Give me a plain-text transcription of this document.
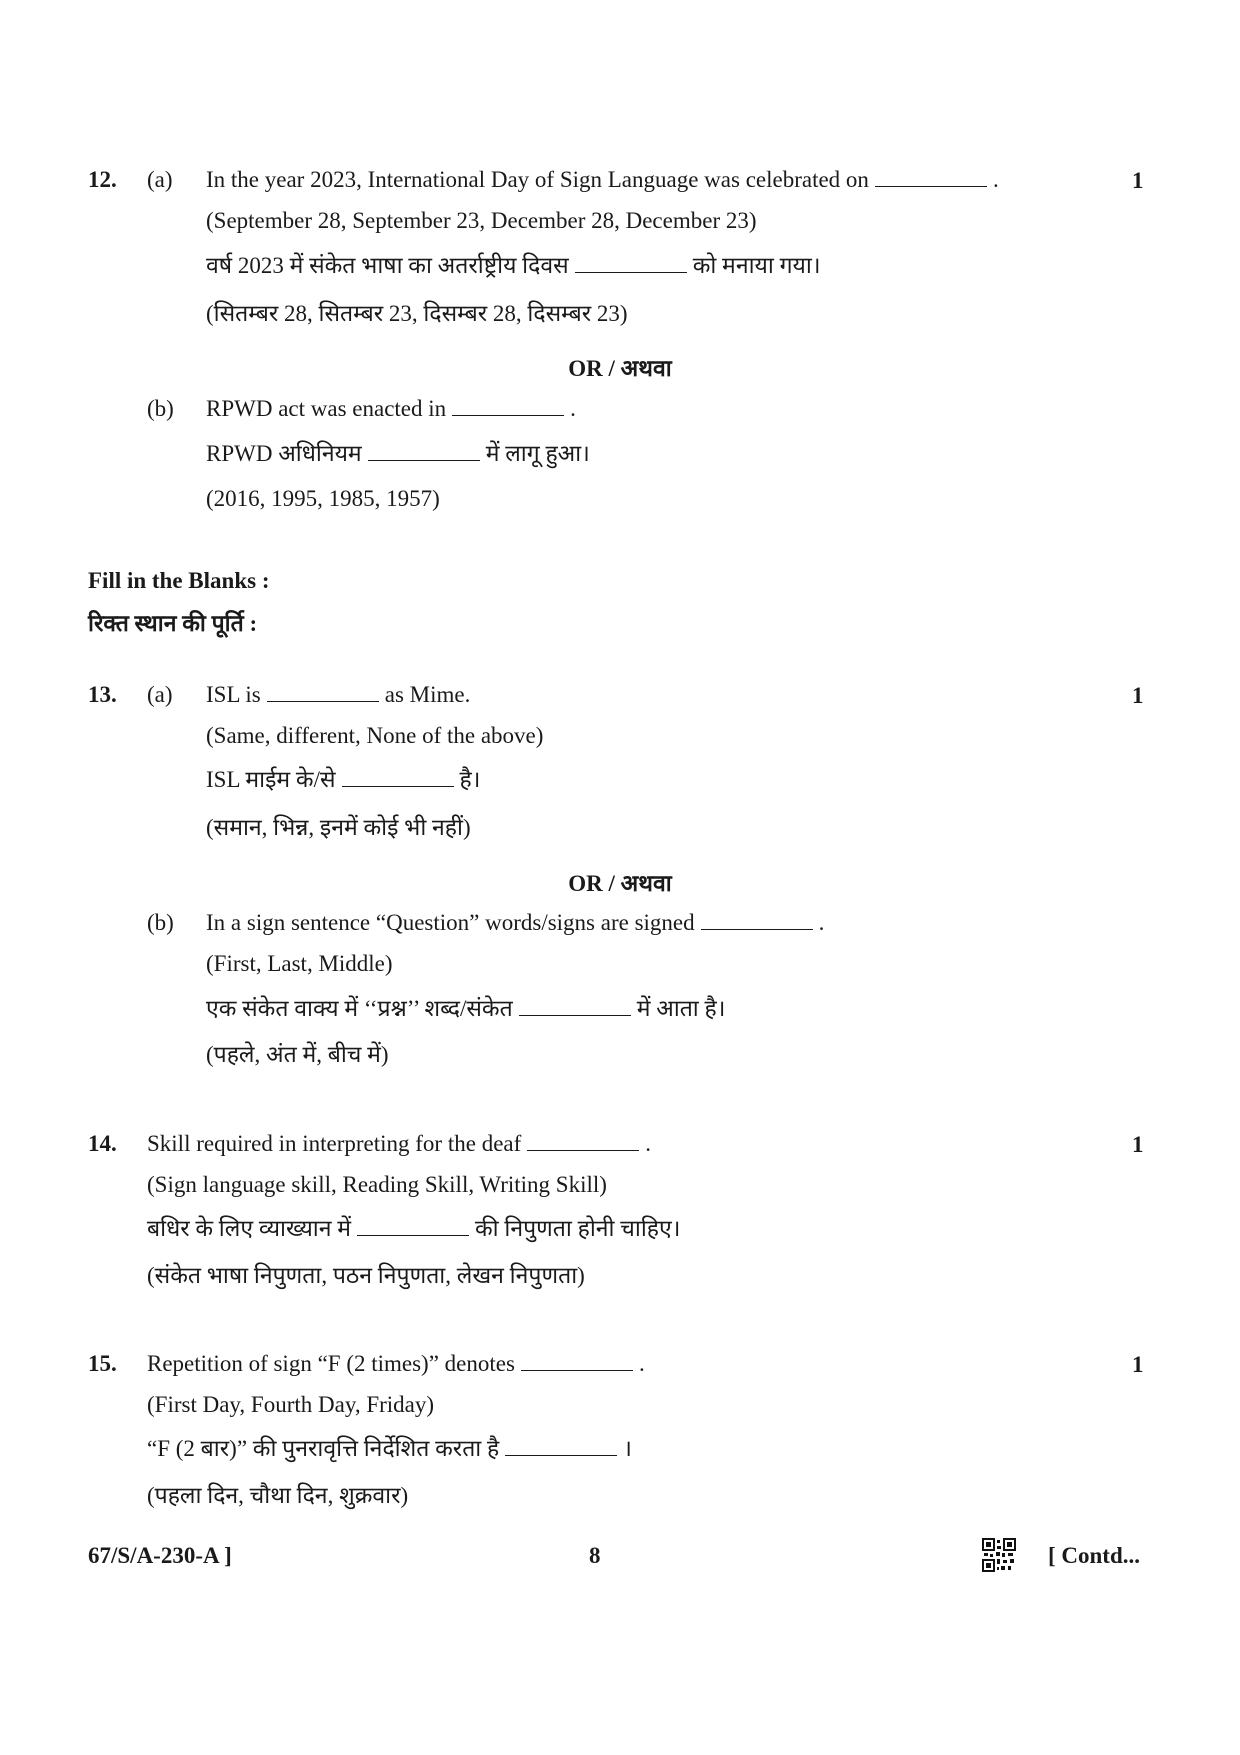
12. (a) In the year 2023, International Day of Sign Language was celebrated on	.	1
(September 28, September 23, December 28, December 23)
वर्ष 2023 में संकेत भाषा का अतर्राष्ट्रीय दिवस	को मनाया गया।
(सितम्बर 28, सितम्बर 23, दिसम्बर 28, दिसम्बर 23)
OR / अथवा
(b) RPWD act was enacted in	.
RPWD अधिनियम	में लागू हुआ।
(2016, 1995, 1985, 1957)
Fill in the Blanks :
रिक्त स्थान की पूर्ति :
13. (a) ISL is	as Mime.	1
(Same, different, None of the above)
ISL माईम के/से	है।
(समान, भिन्न, इनमें कोई भी नहीं)
OR / अथवा
(b) In a sign sentence “Question” words/signs are signed	.
(First, Last, Middle)
एक संकेत वाक्य में ‘‘प्रश्न’’ शब्द/संकेत	में आता है।
(पहले, अंत में, बीच में)
14. Skill required in interpreting for the deaf	.	1
(Sign language skill, Reading Skill, Writing Skill)
बधिर के लिए व्याख्यान में	की निपुणता होनी चाहिए।
(संकेत भाषा निपुणता, पठन निपुणता, लेखन निपुणता)
15. Repetition of sign “F (2 times)” denotes	.	1
(First Day, Fourth Day, Friday)
“F (2 बार)” की पुनरावृत्ति निर्देशित करता है	।
(पहला दिन, चौथा दिन, शुक्रवार)
67/S/A-230-A ]	8	[ Contd...
